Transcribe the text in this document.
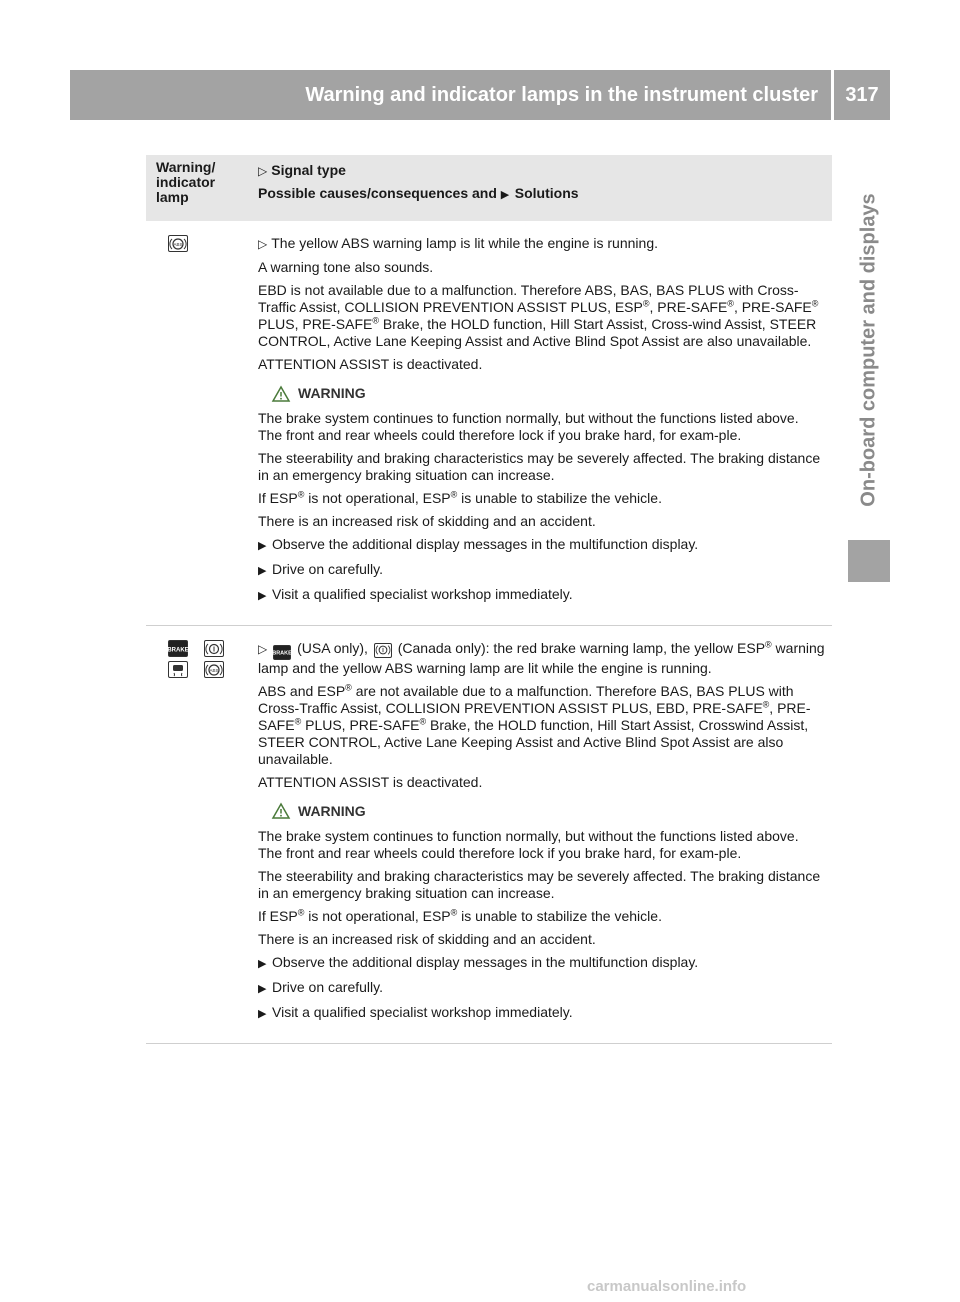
Warning and indicator lamps in the instrument cluster	317
On-board computer and displays
Warning/
indicator
lamp
▷ Signal type
Possible causes/consequences and ▶ Solutions
ABS	▷ The yellow ABS warning lamp is lit while the engine is running.

A warning tone also sounds.

EBD is not available due to a malfunction. Therefore ABS, BAS, BAS PLUS with Cross-Traffic Assist, COLLISION PREVENTION ASSIST PLUS, ESP®, PRE-SAFE®, PRE-SAFE® PLUS, PRE-SAFE® Brake, the HOLD function, Hill Start Assist, Cross-wind Assist, STEER CONTROL, Active Lane Keeping Assist and Active Blind Spot Assist are also unavailable.

ATTENTION ASSIST is deactivated.

WARNING

The brake system continues to function normally, but without the functions listed above. The front and rear wheels could therefore lock if you brake hard, for exam-ple.

The steerability and braking characteristics may be severely affected. The braking distance in an emergency braking situation can increase.

If ESP® is not operational, ESP® is unable to stabilize the vehicle.

There is an increased risk of skidding and an accident.

▶ Observe the additional display messages in the multifunction display.

▶ Drive on carefully.

▶ Visit a qualified specialist workshop immediately.

BRAKE
ABS

▷ BRAKE (USA only), (Canada only): the red brake warning lamp, the yellow ESP® warning lamp and the yellow ABS warning lamp are lit while the engine is running.

ABS and ESP® are not available due to a malfunction. Therefore BAS, BAS PLUS with Cross-Traffic Assist, COLLISION PREVENTION ASSIST PLUS, EBD, PRE-SAFE®, PRE-SAFE® PLUS, PRE-SAFE® Brake, the HOLD function, Hill Start Assist, Crosswind Assist, STEER CONTROL, Active Lane Keeping Assist and Active Blind Spot Assist are also unavailable.

ATTENTION ASSIST is deactivated.

WARNING

The brake system continues to function normally, but without the functions listed above. The front and rear wheels could therefore lock if you brake hard, for exam-ple.

The steerability and braking characteristics may be severely affected. The braking distance in an emergency braking situation can increase.

If ESP® is not operational, ESP® is unable to stabilize the vehicle.

There is an increased risk of skidding and an accident.

▶ Observe the additional display messages in the multifunction display.

▶ Drive on carefully.

▶ Visit a qualified specialist workshop immediately.

carmanualsonline.info
